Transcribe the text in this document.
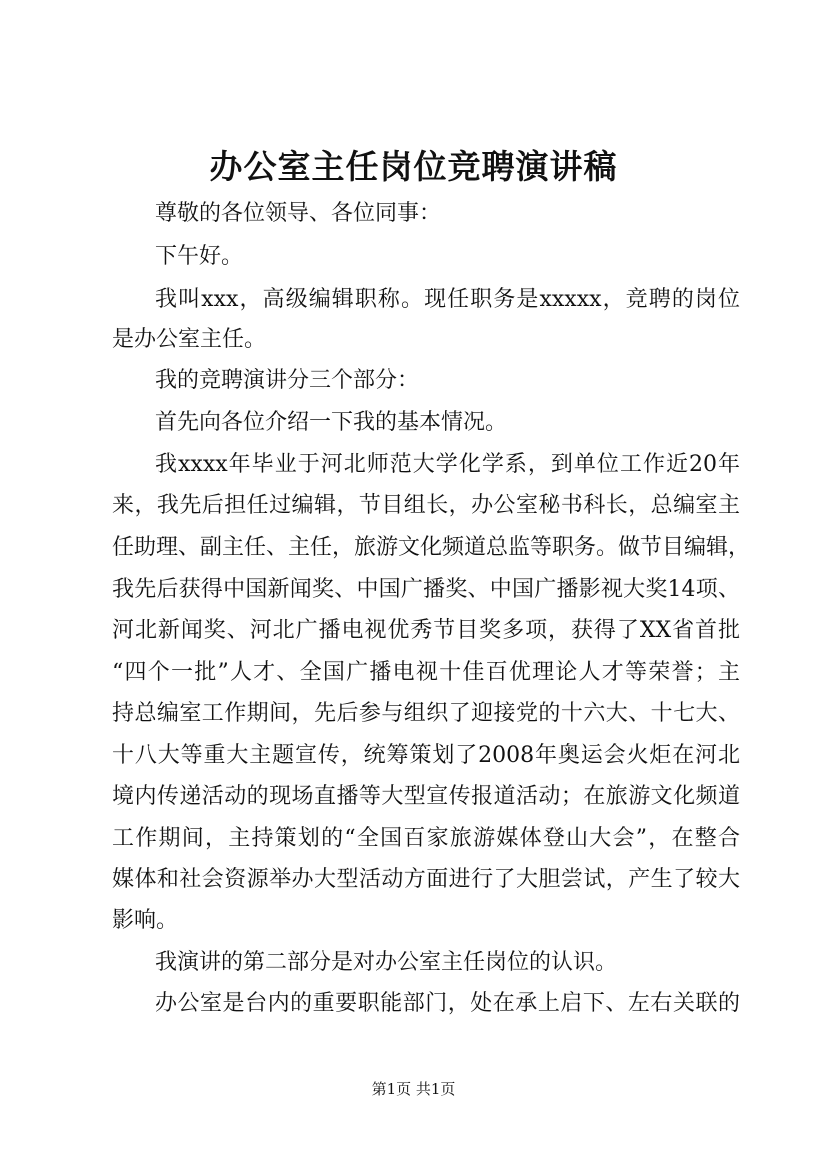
办公室主任岗位竞聘演讲稿
尊敬的各位领导、各位同事：
下午好。
我叫xxx，高级编辑职称。现任职务是xxxxx，竞聘的岗位
是办公室主任。
我的竞聘演讲分三个部分：
首先向各位介绍一下我的基本情况。
我xxxx年毕业于河北师范大学化学系，到单位工作近20年
来，我先后担任过编辑，节目组长，办公室秘书科长，总编室主
任助理、副主任、主任，旅游文化频道总监等职务。做节目编辑，
我先后获得中国新闻奖、中国广播奖、中国广播影视大奖14项、
河北新闻奖、河北广播电视优秀节目奖多项，获得了XX省首批
“四个一批”人才、全国广播电视十佳百优理论人才等荣誉；主
持总编室工作期间，先后参与组织了迎接党的十六大、十七大、
十八大等重大主题宣传，统筹策划了2008年奥运会火炬在河北
境内传递活动的现场直播等大型宣传报道活动；在旅游文化频道
工作期间，主持策划的“全国百家旅游媒体登山大会”，在整合
媒体和社会资源举办大型活动方面进行了大胆尝试，产生了较大
影响。
我演讲的第二部分是对办公室主任岗位的认识。
办公室是台内的重要职能部门，处在承上启下、左右关联的
第1页 共1页
